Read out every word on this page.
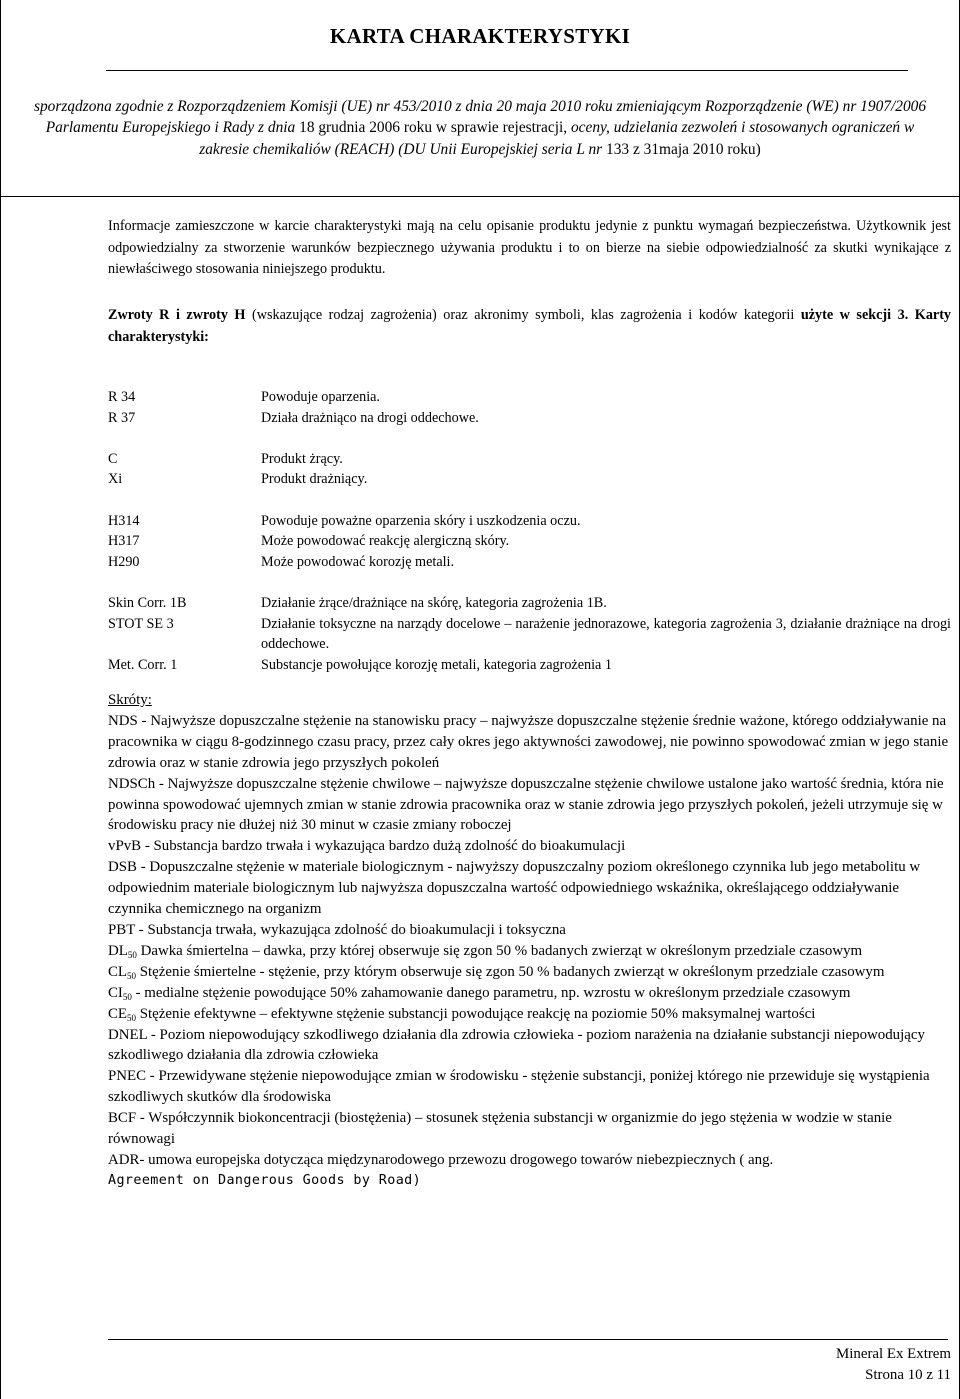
KARTA CHARAKTERYSTYKI
sporządzona zgodnie z Rozporządzeniem Komisji (UE) nr 453/2010 z dnia 20 maja 2010 roku zmieniającym Rozporządzenie (WE) nr 1907/2006 Parlamentu Europejskiego i Rady z dnia 18 grudnia 2006 roku w sprawie rejestracji, oceny, udzielania zezwoleń i stosowanych ograniczeń w zakresie chemikaliów (REACH) (DU Unii Europejskiej seria L nr 133 z 31maja 2010 roku)
Informacje zamieszczone w karcie charakterystyki mają na celu opisanie produktu jedynie z punktu wymagań bezpieczeństwa. Użytkownik jest odpowiedzialny za stworzenie warunków bezpiecznego używania produktu i to on bierze na siebie odpowiedzialność za skutki wynikające z niewłaściwego stosowania niniejszego produktu.
Zwroty R i zwroty H (wskazujące rodzaj zagrożenia) oraz akronimy symboli, klas zagrożenia i kodów kategorii użyte w sekcji 3. Karty charakterystyki:
R 34	Powoduje oparzenia.
R 37	Działa drażniąco na drogi oddechowe.
C	Produkt żrący.
Xi	Produkt drażniący.
H314	Powoduje poważne oparzenia skóry i uszkodzenia oczu.
H317	Może powodować reakcję alergiczną skóry.
H290	Może powodować korozję metali.
Skin Corr. 1B	Działanie żrące/drażniące na skórę, kategoria zagrożenia 1B.
STOT SE 3	Działanie toksyczne na narządy docelowe – narażenie jednorazowe, kategoria zagrożenia 3, działanie drażniące na drogi oddechowe.
Met. Corr. 1	Substancje powołujące korozję metali, kategoria zagrożenia 1
Skróty:
NDS - Najwyższe dopuszczalne stężenie na stanowisku pracy – najwyższe dopuszczalne stężenie średnie ważone, którego oddziaływanie na pracownika w ciągu 8-godzinnego czasu pracy, przez cały okres jego aktywności zawodowej, nie powinno spowodować zmian w jego stanie zdrowia oraz w stanie zdrowia jego przyszłych pokoleń
NDSCh - Najwyższe dopuszczalne stężenie chwilowe – najwyższe dopuszczalne stężenie chwilowe ustalone jako wartość średnia, która nie powinna spowodować ujemnych zmian w stanie zdrowia pracownika oraz w stanie zdrowia jego przyszłych pokoleń, jeżeli utrzymuje się w środowisku pracy nie dłużej niż 30 minut w czasie zmiany roboczej
vPvB - Substancja bardzo trwała i wykazująca bardzo dużą zdolność do bioakumulacji
DSB - Dopuszczalne stężenie w materiale biologicznym - najwyższy dopuszczalny poziom określonego czynnika lub jego metabolitu w odpowiednim materiale biologicznym lub najwyższa dopuszczalna wartość odpowiedniego wskaźnika, określającego oddziaływanie czynnika chemicznego na organizm
PBT - Substancja trwała, wykazująca zdolność do bioakumulacji i toksyczna
$DL_{50}$ Dawka śmiertelna – dawka, przy której obserwuje się zgon 50 % badanych zwierząt w określonym przedziale czasowym
$CL_{50}$ Stężenie śmiertelne - stężenie, przy którym obserwuje się zgon 50 % badanych zwierząt w określonym przedziale czasowym
$CI_{50}$ - medialne stężenie powodujące 50% zahamowanie danego parametru, np. wzrostu w określonym przedziale czasowym
$CE_{50}$ Stężenie efektywne – efektywne stężenie substancji powodujące reakcję na poziomie 50% maksymalnej wartości
DNEL - Poziom niepowodujący szkodliwego działania dla zdrowia człowieka - poziom narażenia na działanie substancji niepowodujący szkodliwego działania dla zdrowia człowieka
PNEC - Przewidywane stężenie niepowodujące zmian w środowisku - stężenie substancji, poniżej którego nie przewiduje się wystąpienia szkodliwych skutków dla środowiska
BCF - Współczynnik biokoncentracji (biostężenia) – stosunek stężenia substancji w organizmie do jego stężenia w wodzie w stanie równowagi
ADR- umowa europejska dotycząca międzynarodowego przewozu drogowego towarów niebezpiecznych ( ang.
Agreement on Dangerous Goods by Road)
Mineral Ex Extrem
Strona 10 z 11
